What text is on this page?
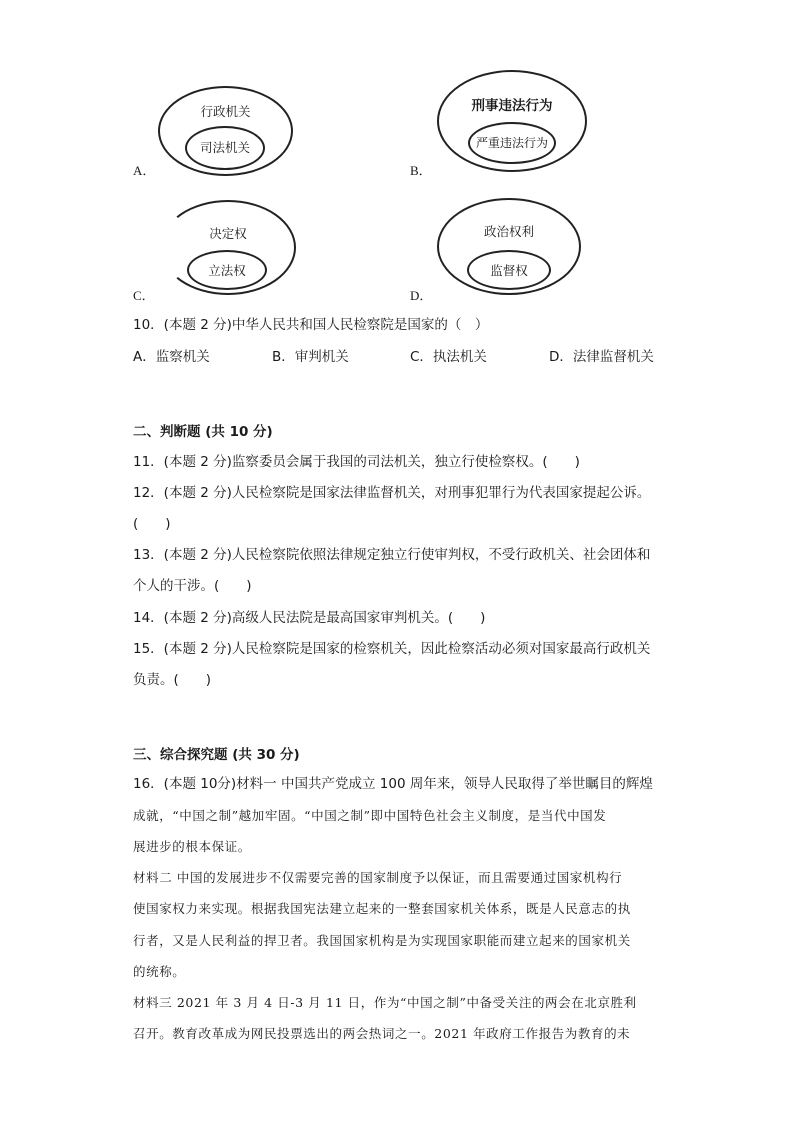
行政机关
司法机关
A．
刑事违法行为
严重违法行为
B．
决定权
立法权
C．
政治权利
监督权
D．
10．(本题 2 分)中华人民共和国人民检察院是国家的（　）
A．监察机关	B．审判机关	C．执法机关	D．法律监督机关
二、判断题 (共 10 分)
11．(本题 2 分)监察委员会属于我国的司法机关，独立行使检察权。(　　)
12．(本题 2 分)人民检察院是国家法律监督机关，对刑事犯罪行为代表国家提起公诉。
(　　)
13．(本题 2 分)人民检察院依照法律规定独立行使审判权，不受行政机关、社会团体和
个人的干涉。(　　)
14．(本题 2 分)高级人民法院是最高国家审判机关。(　　)
15．(本题 2 分)人民检察院是国家的检察机关，因此检察活动必须对国家最高行政机关
负责。(　　)
三、综合探究题 (共 30 分)
16．(本题 10分)材料一 中国共产党成立 100 周年来，领导人民取得了举世瞩目的辉煌
成就，“中国之制”越加牢固。“中国之制”即中国特色社会主义制度，是当代中国发
展进步的根本保证。
材料二 中国的发展进步不仅需要完善的国家制度予以保证，而且需要通过国家机构行
使国家权力来实现。根据我国宪法建立起来的一整套国家机关体系，既是人民意志的执
行者，又是人民利益的捍卫者。我国国家机构是为实现国家职能而建立起来的国家机关
的统称。
材料三 2021 年 3 月 4 日-3 月 11 日，作为“中国之制”中备受关注的两会在北京胜利
召开。教育改革成为网民投票选出的两会热词之一。2021 年政府工作报告为教育的未
